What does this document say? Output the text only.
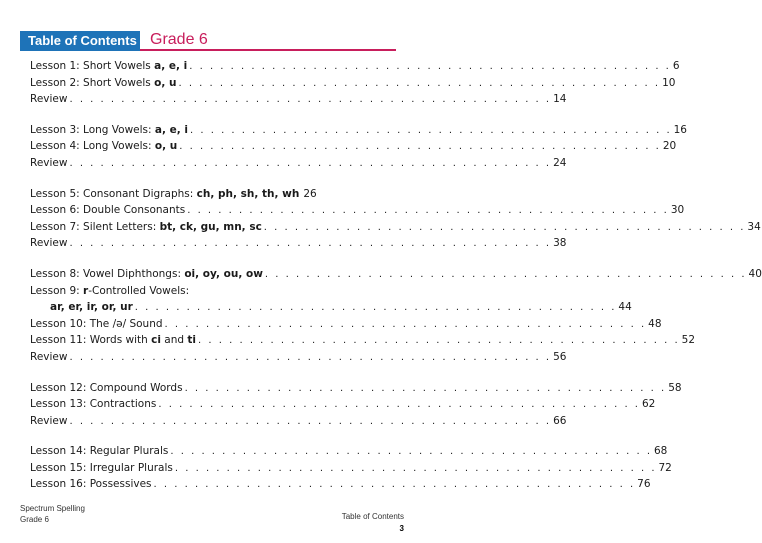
Table of Contents Grade 6
Lesson 1: Short Vowels a, e, i . . . . . . . . . . . . . . . . . . . . . . . . . . . . . . . . . . . . . . . . . . . . . . . 6
Lesson 2: Short Vowels o, u . . . . . . . . . . . . . . . . . . . . . . . . . . . . . . . . . . . . . . . . . . . . . . . 10
Review . . . . . . . . . . . . . . . . . . . . . . . . . . . . . . . . . . . . . . . . . . . . . . . 14
Lesson 3: Long Vowels: a, e, i . . . . . . . . . . . . . . . . . . . . . . . . . . . . . . . . . . . . . . . . . . . . . . . 16
Lesson 4: Long Vowels: o, u . . . . . . . . . . . . . . . . . . . . . . . . . . . . . . . . . . . . . . . . . . . . . . . 20
Review . . . . . . . . . . . . . . . . . . . . . . . . . . . . . . . . . . . . . . . . . . . . . . . 24
Lesson 5: Consonant Digraphs: ch, ph, sh, th, wh 26
Lesson 6: Double Consonants . . . . . . . . . . . . . . . . . . . . . . . . . . . . . . . . . . . . . . . . . . . . . . . 30
Lesson 7: Silent Letters: bt, ck, gu, mn, sc . . . . . . . . . . . . . . . . . . . . . . . . . . . . . . . . . . . . . . . . . . . . . . . 34
Review . . . . . . . . . . . . . . . . . . . . . . . . . . . . . . . . . . . . . . . . . . . . . . . 38
Lesson 8: Vowel Diphthongs: oi, oy, ou, ow . . . . . . . . . . . . . . . . . . . . . . . . . . . . . . . . . . . . . . . . . . . . . . . 40
Lesson 9: r-Controlled Vowels:
ar, er, ir, or, ur . . . . . . . . . . . . . . . . . . . . . . . . . . . . . . . . . . . . . . . . . . . . . . . 44
Lesson 10: The /ə/ Sound . . . . . . . . . . . . . . . . . . . . . . . . . . . . . . . . . . . . . . . . . . . . . . . 48
Lesson 11: Words with ci and ti . . . . . . . . . . . . . . . . . . . . . . . . . . . . . . . . . . . . . . . . . . . . . . . 52
Review . . . . . . . . . . . . . . . . . . . . . . . . . . . . . . . . . . . . . . . . . . . . . . . 56
Lesson 12: Compound Words . . . . . . . . . . . . . . . . . . . . . . . . . . . . . . . . . . . . . . . . . . . . . . . 58
Lesson 13: Contractions . . . . . . . . . . . . . . . . . . . . . . . . . . . . . . . . . . . . . . . . . . . . . . . 62
Review . . . . . . . . . . . . . . . . . . . . . . . . . . . . . . . . . . . . . . . . . . . . . . . 66
Lesson 14: Regular Plurals . . . . . . . . . . . . . . . . . . . . . . . . . . . . . . . . . . . . . . . . . . . . . . . 68
Lesson 15: Irregular Plurals . . . . . . . . . . . . . . . . . . . . . . . . . . . . . . . . . . . . . . . . . . . . . . . 72
Lesson 16: Possessives . . . . . . . . . . . . . . . . . . . . . . . . . . . . . . . . . . . . . . . . . . . . . . . 76
Spectrum Spelling
Grade 6	Table of Contents
3
